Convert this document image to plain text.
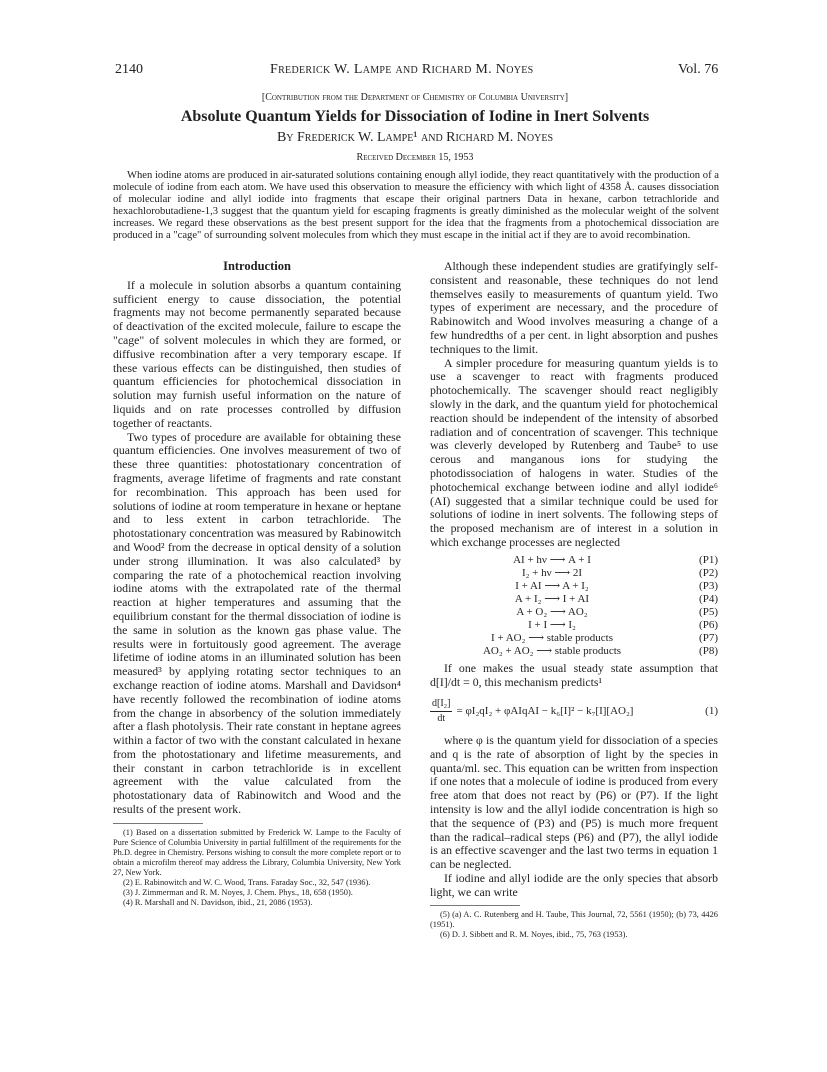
2140	Frederick W. Lampe and Richard M. Noyes	Vol. 76
[Contribution from the Department of Chemistry of Columbia University]
Absolute Quantum Yields for Dissociation of Iodine in Inert Solvents
By Frederick W. Lampe¹ and Richard M. Noyes
Received December 15, 1953
When iodine atoms are produced in air-saturated solutions containing enough allyl iodide, they react quantitatively with the production of a molecule of iodine from each atom. We have used this observation to measure the efficiency with which light of 4358 Å. causes dissociation of molecular iodine and allyl iodide into fragments that escape their original partners Data in hexane, carbon tetrachloride and hexachlorobutadiene-1,3 suggest that the quantum yield for escaping fragments is greatly diminished as the molecular weight of the solvent increases. We regard these observations as the best present support for the idea that the fragments from a photochemical dissociation are produced in a "cage" of surrounding solvent molecules from which they must escape in the initial act if they are to avoid recombination.
Introduction

If a molecule in solution absorbs a quantum containing sufficient energy to cause dissociation, the potential fragments may not become permanently separated because of deactivation of the excited molecule, failure to escape the "cage" of solvent molecules in which they are formed, or diffusive recombination after a very temporary escape. If these various effects can be distinguished, then studies of quantum efficiencies for photochemical dissociation in solution may furnish useful information on the nature of liquids and on rate processes controlled by diffusion together of reactants.

Two types of procedure are available for obtaining these quantum efficiencies. One involves measurement of two of these three quantities: photostationary concentration of fragments, average lifetime of fragments and rate constant for recombination. This approach has been used for solutions of iodine at room temperature in hexane or heptane and to less extent in carbon tetrachloride. The photostationary concentration was measured by Rabinowitch and Wood² from the decrease in optical density of a solution under strong illumination. It was also calculated³ by comparing the rate of a photochemical reaction involving iodine atoms with the extrapolated rate of the thermal reaction at higher temperatures and assuming that the equilibrium constant for the thermal dissociation of iodine is the same in solution as the known gas phase value. The results were in fortuitously good agreement. The average lifetime of iodine atoms in an illuminated solution has been measured³ by applying rotating sector techniques to an exchange reaction of iodine atoms. Marshall and Davidson⁴ have recently followed the recombination of iodine atoms from the change in absorbency of the solution immediately after a flash photolysis. Their rate constant in heptane agrees within a factor of two with the constant calculated in hexane from the photostationary and lifetime measurements, and their constant in carbon tetrachloride is in excellent agreement with the value calculated from the photostationary data of Rabinowitch and Wood and the results of the present work.

(1) Based on a dissertation submitted by Frederick W. Lampe to the Faculty of Pure Science of Columbia University in partial fulfillment of the requirements for the Ph.D. degree in Chemistry. Persons wishing to consult the more complete report or to obtain a microfilm thereof may address the Library, Columbia University, New York 27, New York.

(2) E. Rabinowitch and W. C. Wood, Trans. Faraday Soc., 32, 547 (1936).

(3) J. Zimmerman and R. M. Noyes, J. Chem. Phys., 18, 658 (1950).

(4) R. Marshall and N. Davidson, ibid., 21, 2086 (1953).

Although these independent studies are gratifyingly self-consistent and reasonable, these techniques do not lend themselves easily to measurements of quantum yield. Two types of experiment are necessary, and the procedure of Rabinowitch and Wood involves measuring a change of a few hundredths of a per cent. in light absorption and pushes techniques to the limit.

A simpler procedure for measuring quantum yields is to use a scavenger to react with fragments produced photochemically. The scavenger should react negligibly slowly in the dark, and the quantum yield for photochemical reaction should be independent of the intensity of absorbed radiation and of concentration of scavenger. This technique was cleverly developed by Rutenberg and Taube⁵ to use cerous and manganous ions for studying the photodissociation of halogens in water. Studies of the photochemical exchange between iodine and allyl iodide⁶ (AI) suggested that a similar technique could be used for solutions of iodine in inert solvents. The following steps of the proposed mechanism are of interest in a solution in which exchange processes are neglected

AI + hν ⟶ A + I	(P1)
I₂ + hν ⟶ 2I	(P2)
I + AI ⟶ A + I₂	(P3)
A + I₂ ⟶ I + AI	(P4)
A + O₂ ⟶ AO₂	(P5)
I + I ⟶ I₂	(P6)
I + AO₂ ⟶ stable products	(P7)
AO₂ + AO₂ ⟶ stable products	(P8)

If one makes the usual steady state assumption that d[I]/dt = 0, this mechanism predicts¹

$\frac{\text{d[I₂]}}{dt} = \varphi I_2qI_2$ + φAIqAI − k₆[I]² − k₇[I][AO₂]	(1)

where φ is the quantum yield for dissociation of a species and q is the rate of absorption of light by the species in quanta/ml. sec. This equation can be written from inspection if one notes that a molecule of iodine is produced from every free atom that does not react by (P6) or (P7). If the light intensity is low and the allyl iodide concentration is high so that the sequence of (P3) and (P5) is much more frequent than the radical–radical steps (P6) and (P7), the allyl iodide is an effective scavenger and the last two terms in equation 1 can be neglected.

If iodine and allyl iodide are the only species that absorb light, we can write

(5) (a) A. C. Rutenberg and H. Taube, This Journal, 72, 5561 (1950); (b) 73, 4426 (1951).

(6) D. J. Sibbett and R. M. Noyes, ibid., 75, 763 (1953).
